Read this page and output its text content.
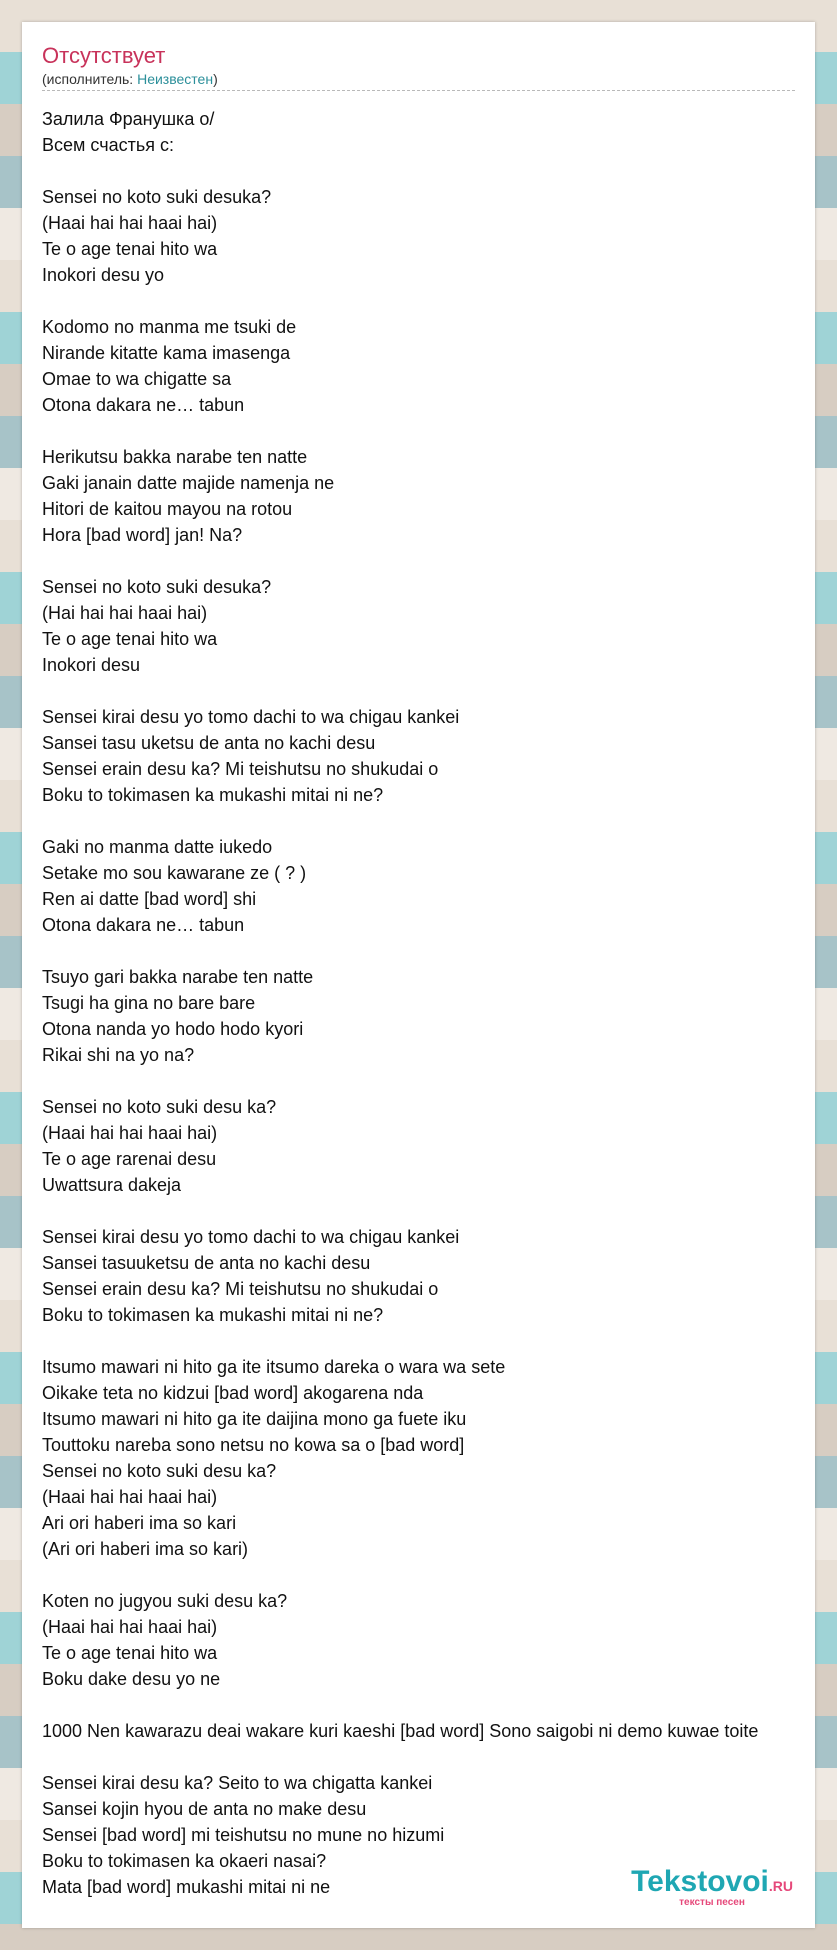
Отсутствует

(исполнитель: Неизвестен)

Залила Франушка о/
Всем счастья с:
Sensei no koto suki desuka?
(Haai hai hai haai hai)
Te o age tenai hito wa
Inokori desu yo
Kodomo no manma me tsuki de
Nirande kitatte kama imasenga
Omae to wa chigatte sa
Otona dakara ne… tabun
Herikutsu bakka narabe ten natte
Gaki janain datte majide namenja ne
Hitori de kaitou mayou na rotou
Hora [bad word] jan! Na?
Sensei no koto suki desuka?
(Hai hai hai haai hai)
Te o age tenai hito wa
Inokori desu
Sensei kirai desu yo tomo dachi to wa chigau kankei
Sansei tasu uketsu de anta no kachi desu
Sensei erain desu ka? Mi teishutsu no shukudai o
Boku to tokimasen ka mukashi mitai ni ne?
Gaki no manma datte iukedo
Setake mo sou kawarane ze ( ? )
Ren ai datte [bad word] shi
Otona dakara ne… tabun
Tsuyo gari bakka narabe ten natte
Tsugi ha gina no bare bare
Otona nanda yo hodo hodo kyori
Rikai shi na yo na?
Sensei no koto suki desu ka?
(Haai hai hai haai hai)
Te o age rarenai desu
Uwattsura dakeja
Sensei kirai desu yo tomo dachi to wa chigau kankei
Sansei tasuuketsu de anta no kachi desu
Sensei erain desu ka? Mi teishutsu no shukudai o
Boku to tokimasen ka mukashi mitai ni ne?
Itsumo mawari ni hito ga ite itsumo dareka o wara wa sete
Oikake teta no kidzui [bad word] akogarena nda
Itsumo mawari ni hito ga ite daijina mono ga fuete iku
Touttoku nareba sono netsu no kowa sa o [bad word]
Sensei no koto suki desu ka?
(Haai hai hai haai hai)
Ari ori haberi ima so kari
(Ari ori haberi ima so kari)
Koten no jugyou suki desu ka?
(Haai hai hai haai hai)
Te o age tenai hito wa
Boku dake desu yo ne
1000 Nen kawarazu deai wakare kuri kaeshi [bad word] Sono saigobi ni demo kuwae toite
Sensei kirai desu ka? Seito to wa chigatta kankei
Sansei kojin hyou de anta no make desu
Sensei [bad word] mi teishutsu no mune no hizumi
Boku to tokimasen ka okaeri nasai?
Mata [bad word] mukashi mitai ni ne	Tekstovoi.RU
тексты песен
